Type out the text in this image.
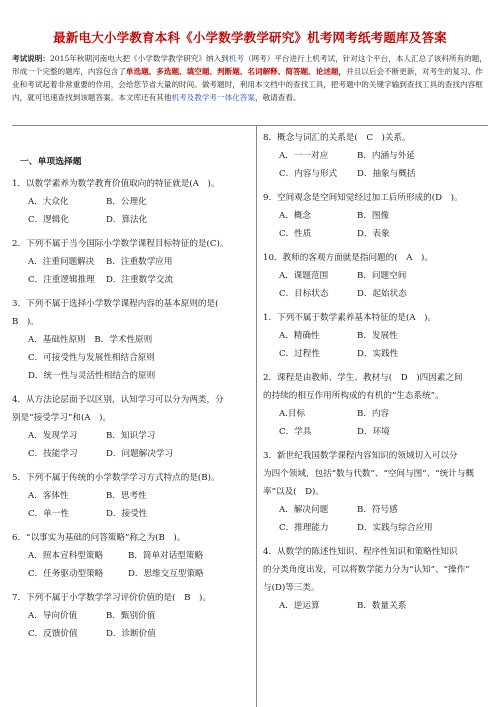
最新电大小学教育本科《小学数学教学研究》机考网考纸考题库及答案
考试说明：2015年秋期河南电大把《小学数学教学研究》纳入到机考（网考）平台进行上机考试，针对这个平台，本人汇总了该科所有的题，形成一个完整的题库，内容包含了单选题、多选题、填空题、判断题、名词解释、简答题、论述题，并且以后会不断更新，对考生的复习、作业和考试起着非常重要的作用，会给您节省大量的时间。做考题时，利用本文档中的查找工具，把考题中的关键字输到查找工具的查找内容框内，就可迅速查找到该题答案。本文库还有其他机考及教学考一体化答案，敬请查看。
一、单项选择题
1．以数学素养为数学教育价值取向的特征就是(A　)。
A．大众化	B．公理化
C．逻辑化	D．算法化
2．下列不属于当今国际小学数学课程目标特征的是(C)。
A．注重问题解决	B．注重数学应用
C．注重逻辑推理	D．注重数学交流
3．下列不属于选择小学数学课程内容的基本原则的是(
B　)。
A．基础性原则　B．学术性原则
C．可接受性与发展性相结合原则
D．统一性与灵活性相结合的原则
4．从方法论层面予以区别，认知学习可以分为两类，分
别是“接受学习”和(A　)。
A．发现学习	B．知识学习
C．技能学习	D．问题解决学习
5．下列不属于传统的小学数学学习方式特点的是(B)。
A．客体性	B．思考性
C．单一性	D．接受性
6．“以事实为基础的问答策略”称之为(B　)。
A．照本宣科型策略	B．简单对话型策略
C．任务驱动型策略	D．思维交互型策略
7．下列不属于小学数学学习评价价值的是(　B　)。
A．导向价值	B．甄别价值
C．反馈价值	D．诊断价值
8．概念与词汇的关系是(　C　)关系。
A．一一对应	B．内涵与外延
C．内容与形式	D．抽象与概括
9．空间观念是空间知觉经过加工后所形成的(D　)。
A．概念	B．图像
C．性质	D．表象
10．教师的客观方面就是指问题的(　A　)。
A．课题范围	B．问题空间
C．目标状态	D．起始状态
1．下列不属于数学素养基本特征的是(A　)。
A．精确性	B．发展性
C．过程性	D．实践性
2．课程是由教师、学生、教材与(　D　)四因素之间
的持续的相互作用所构成的有机的“生态系统”。
A.目标	B．内容
C．学具	D．环境
3．新世纪我国数学课程内容知识的领域切入可以分
为四个领域，包括“数与代数”、“空间与图”、“统计与概
率”以及(　D)。
A．解决问题	B．符号感
C．推理能力	D．实践与综合应用
4．从数学的陈述性知识、程序性知识和策略性知识
的分类角度出发，可以将数学能力分为“认知”、“操作”
与(D)等三类。
A．逆运算	B．数量关系
